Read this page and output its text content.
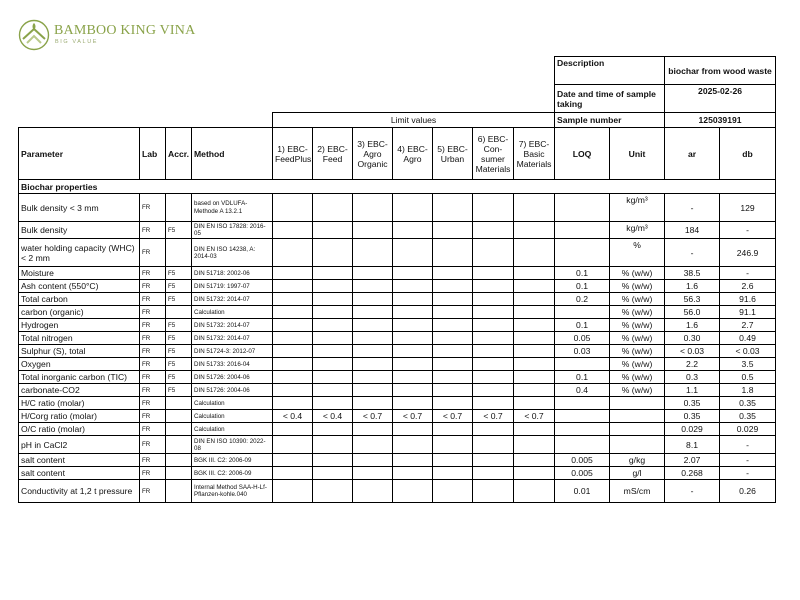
BAMBOO KING VINA
BIG VALUE
											Description		biochar from wood waste	
											Date and time of sample taking		2025-02-26	
				Limit values							Sample number		125039191	
Parameter	Lab	Accr.	Method	1) EBC-FeedPlus	2) EBC-Feed	3) EBC-Agro Organic	4) EBC-Agro	5) EBC-Urban	6) EBC-Con-sumer Materials	7) EBC-Basic Materials	LOQ	Unit	ar	db
Biochar properties														
Bulk density < 3 mm	FR		based on VDLUFA-Methode A 13.2.1									kg/m³	-	129
Bulk density	FR	F5	DIN EN ISO 17828: 2016-05									kg/m³	184	-
water holding capacity (WHC) < 2 mm	FR		DIN EN ISO 14238, A: 2014-03									%	-	246.9
Moisture	FR	F5	DIN 51718: 2002-06								0.1	% (w/w)	38.5	-
Ash content (550°C)	FR	F5	DIN 51719: 1997-07								0.1	% (w/w)	1.6	2.6
Total carbon	FR	F5	DIN 51732: 2014-07								0.2	% (w/w)	56.3	91.6
carbon (organic)	FR		Calculation									% (w/w)	56.0	91.1
Hydrogen	FR	F5	DIN 51732: 2014-07								0.1	% (w/w)	1.6	2.7
Total nitrogen	FR	F5	DIN 51732: 2014-07								0.05	% (w/w)	0.30	0.49
Sulphur (S), total	FR	F5	DIN 51724-3: 2012-07								0.03	% (w/w)	< 0.03	< 0.03
Oxygen	FR	F5	DIN 51733: 2016-04									% (w/w)	2.2	3.5
Total inorganic carbon (TIC)	FR	F5	DIN 51726: 2004-06								0.1	% (w/w)	0.3	0.5
carbonate-CO2	FR	F5	DIN 51726: 2004-06								0.4	% (w/w)	1.1	1.8
H/C ratio (molar)	FR		Calculation										0.35	0.35
H/Corg ratio (molar)	FR		Calculation	< 0.4	< 0.4	< 0.7	< 0.7	< 0.7	< 0.7	< 0.7			0.35	0.35
O/C ratio (molar)	FR		Calculation										0.029	0.029
pH in CaCl2	FR		DIN EN ISO 10390: 2022-08										8.1	-
salt content	FR		BGK III. C2: 2006-09								0.005	g/kg	2.07	-
salt content	FR		BGK III. C2: 2006-09								0.005	g/l	0.268	-
Conductivity at 1,2 t pressure	FR		Internal Method SAA-H-Lf-Pflanzen-kohle.040								0.01	mS/cm	-	0.26
